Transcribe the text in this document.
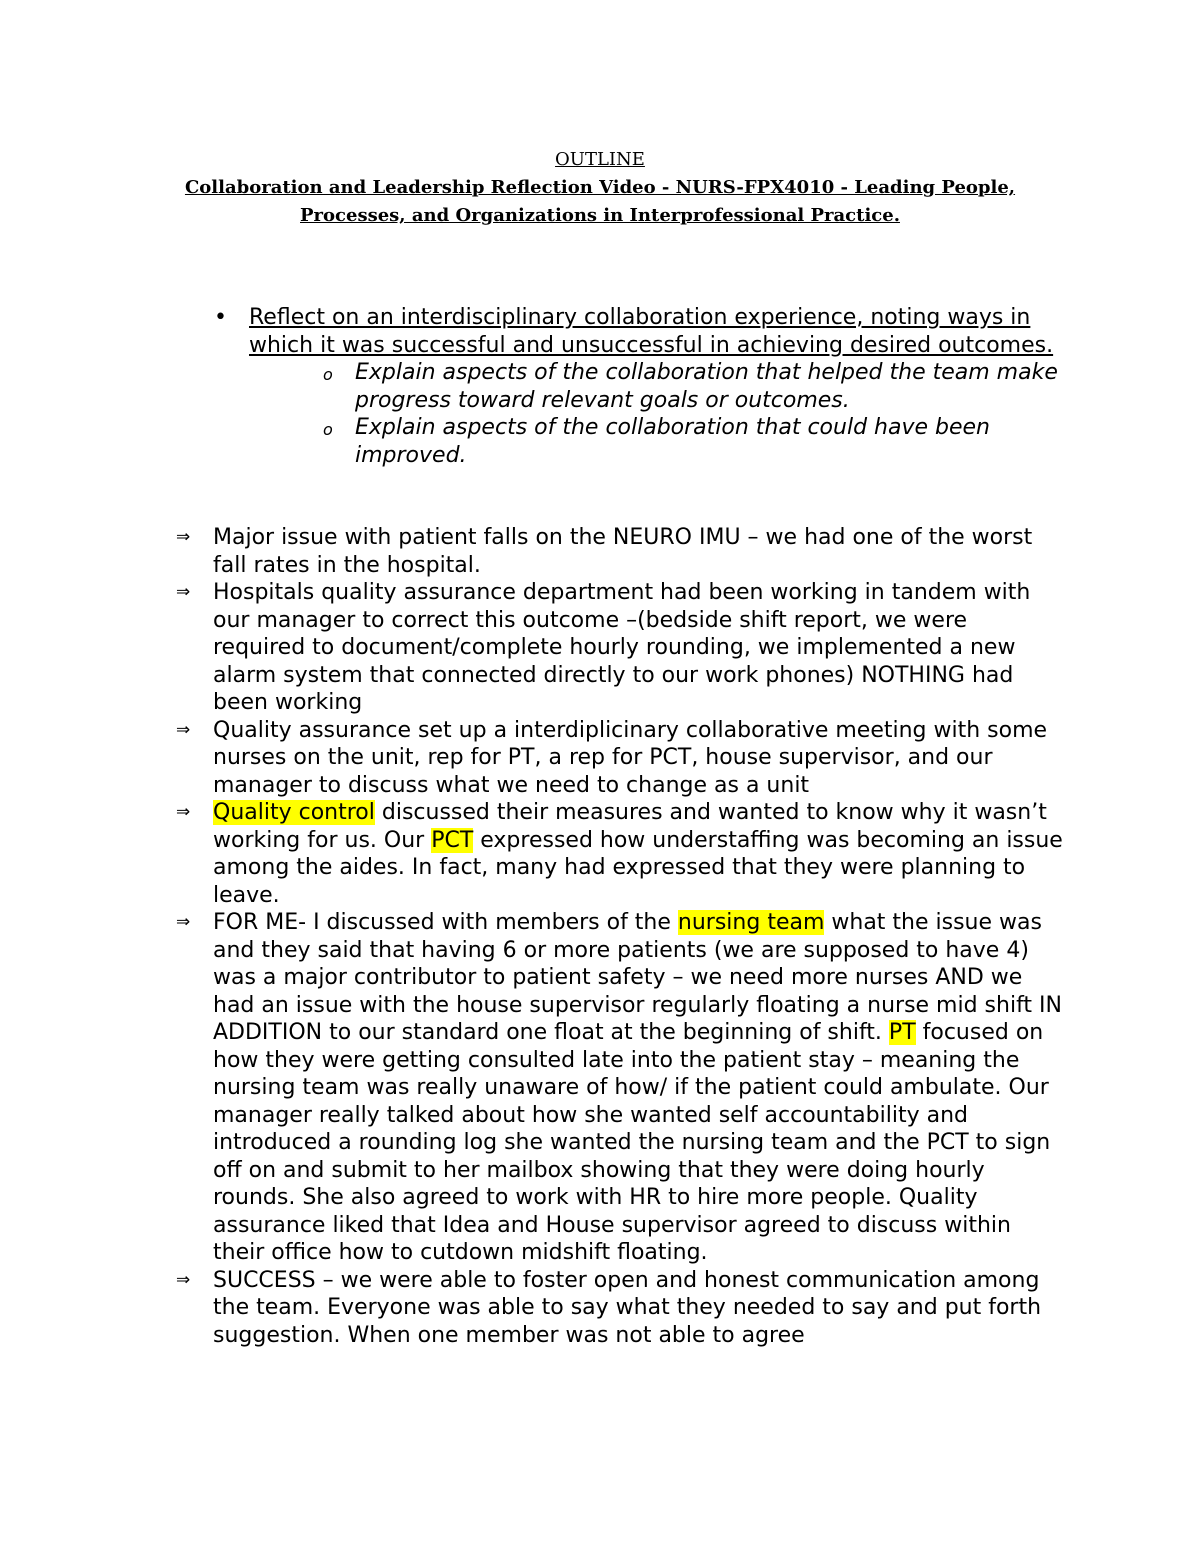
OUTLINE
Collaboration and Leadership Reflection Video - NURS-FPX4010 - Leading People,
Processes, and Organizations in Interprofessional Practice.
• Reflect on an interdisciplinary collaboration experience, noting ways in which it was successful and unsuccessful in achieving desired outcomes.
o Explain aspects of the collaboration that helped the team make progress toward relevant goals or outcomes.
o Explain aspects of the collaboration that could have been improved.
⇒ Major issue with patient falls on the NEURO IMU – we had one of the worst fall rates in the hospital.
⇒ Hospitals quality assurance department had been working in tandem with our manager to correct this outcome –(bedside shift report, we were required to document/complete hourly rounding, we implemented a new alarm system that connected directly to our work phones) NOTHING had been working
⇒ Quality assurance set up a interdiplicinary collaborative meeting with some nurses on the unit, rep for PT, a rep for PCT, house supervisor, and our manager to discuss what we need to change as a unit
⇒ Quality control discussed their measures and wanted to know why it wasn’t working for us. Our PCT expressed how understaffing was becoming an issue among the aides. In fact, many had expressed that they were planning to leave.
⇒ FOR ME- I discussed with members of the nursing team what the issue was and they said that having 6 or more patients (we are supposed to have 4) was a major contributor to patient safety – we need more nurses AND we had an issue with the house supervisor regularly floating a nurse mid shift IN ADDITION to our standard one float at the beginning of shift. PT focused on how they were getting consulted late into the patient stay – meaning the nursing team was really unaware of how/ if the patient could ambulate. Our manager really talked about how she wanted self accountability and introduced a rounding log she wanted the nursing team and the PCT to sign off on and submit to her mailbox showing that they were doing hourly rounds. She also agreed to work with HR to hire more people. Quality assurance liked that Idea and House supervisor agreed to discuss within their office how to cutdown midshift floating.
⇒ SUCCESS – we were able to foster open and honest communication among the team. Everyone was able to say what they needed to say and put forth suggestion. When one member was not able to agree
